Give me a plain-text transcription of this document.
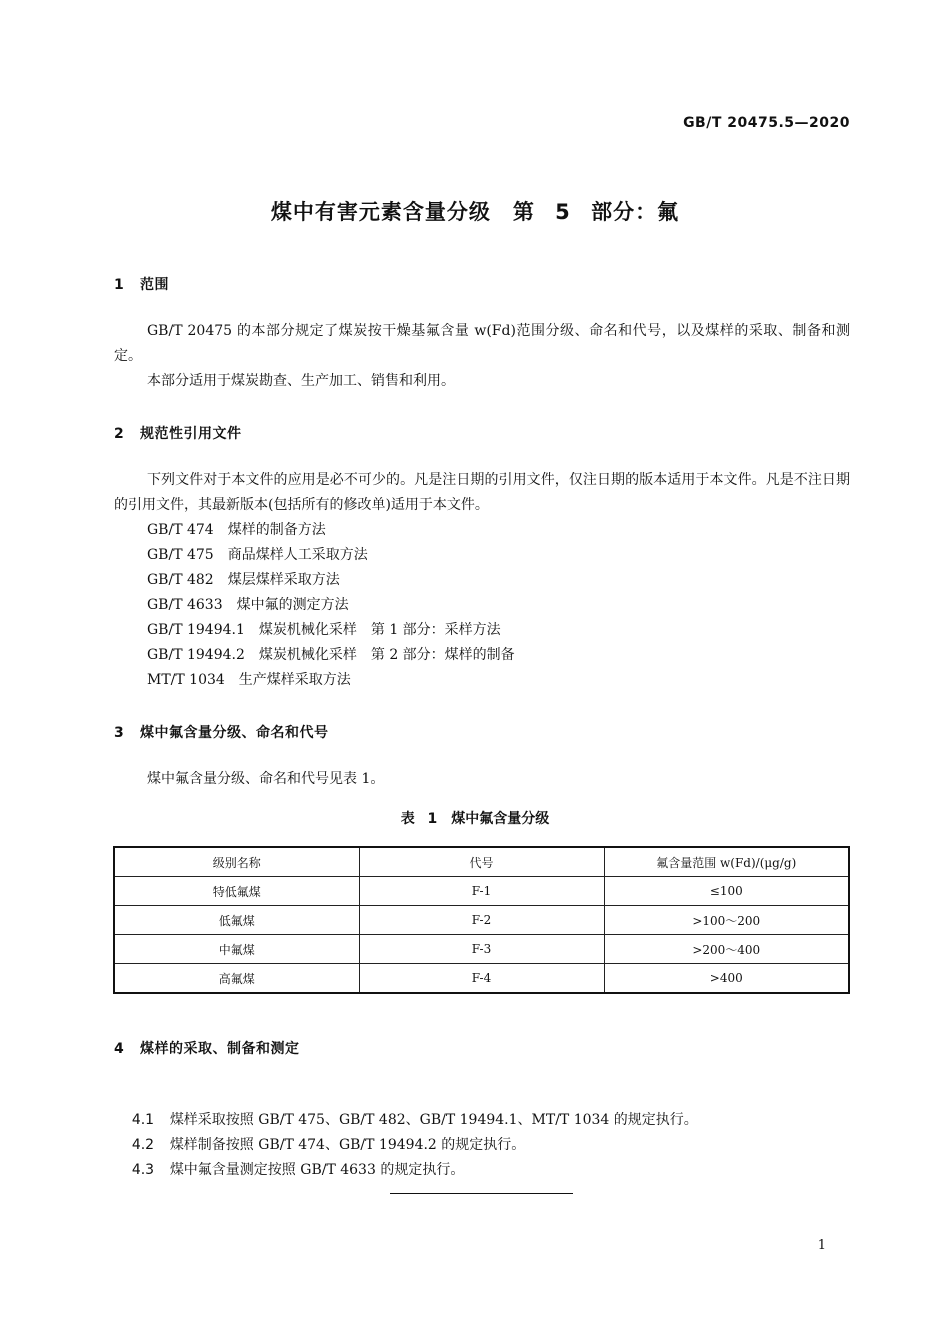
GB/T 20475.5—2020
煤中有害元素含量分级　第 5 部分：氟
1 范围
GB/T 20475 的本部分规定了煤炭按干燥基氟含量 w(Fd)范围分级、命名和代号，以及煤样的采取、制备和测定。
本部分适用于煤炭勘查、生产加工、销售和利用。
2 规范性引用文件
下列文件对于本文件的应用是必不可少的。凡是注日期的引用文件，仅注日期的版本适用于本文件。凡是不注日期的引用文件，其最新版本(包括所有的修改单)适用于本文件。
GB/T 474　煤样的制备方法
GB/T 475　商品煤样人工采取方法
GB/T 482　煤层煤样采取方法
GB/T 4633　煤中氟的测定方法
GB/T 19494.1　煤炭机械化采样　第 1 部分：采样方法
GB/T 19494.2　煤炭机械化采样　第 2 部分：煤样的制备
MT/T 1034　生产煤样采取方法
3 煤中氟含量分级、命名和代号
煤中氟含量分级、命名和代号见表 1。
表 1　煤中氟含量分级
级别名称	代号	氟含量范围 w(Fd)/(μg/g)
特低氟煤	F-1	≤100
低氟煤	F-2	>100～200
中氟煤	F-3	>200～400
高氟煤	F-4	>400
4 煤样的采取、制备和测定

4.1 煤样采取按照 GB/T 475、GB/T 482、GB/T 19494.1、MT/T 1034 的规定执行。

4.2 煤样制备按照 GB/T 474、GB/T 19494.2 的规定执行。

4.3 煤中氟含量测定按照 GB/T 4633 的规定执行。

1
